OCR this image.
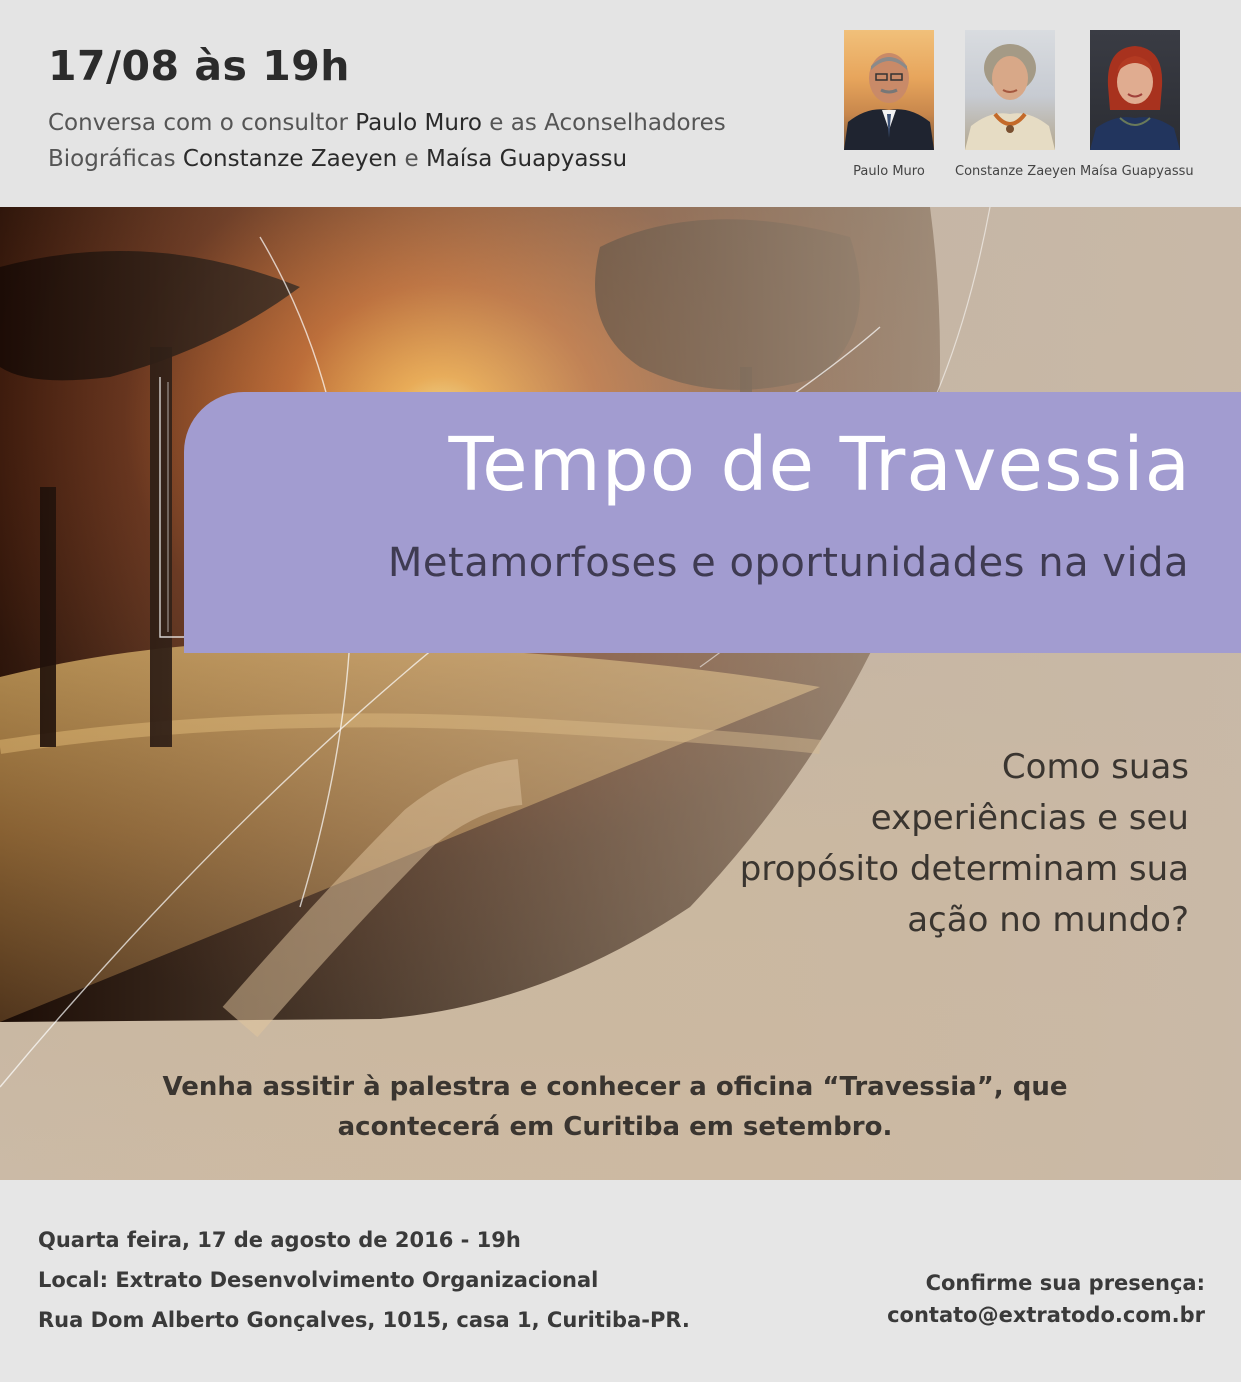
17/08 às 19h
Conversa com o consultor Paulo Muro e as Aconselhadores
Biográficas Constanze Zaeyen e Maísa Guapyassu	Paulo Muro	Constanze Zaeyen Maísa Guapyassu
Tempo de Travessia
Metamorfoses e oportunidades na vida
Como suas
experiências e seu
propósito determinam sua
ação no mundo?
Venha assitir à palestra e conhecer a oficina “Travessia”, que
acontecerá em Curitiba em setembro.
Quarta feira, 17 de agosto de 2016 - 19h
Local: Extrato Desenvolvimento Organizacional
Rua Dom Alberto Gonçalves, 1015, casa 1, Curitiba-PR.
Confirme sua presença:
contato@extratodo.com.br
